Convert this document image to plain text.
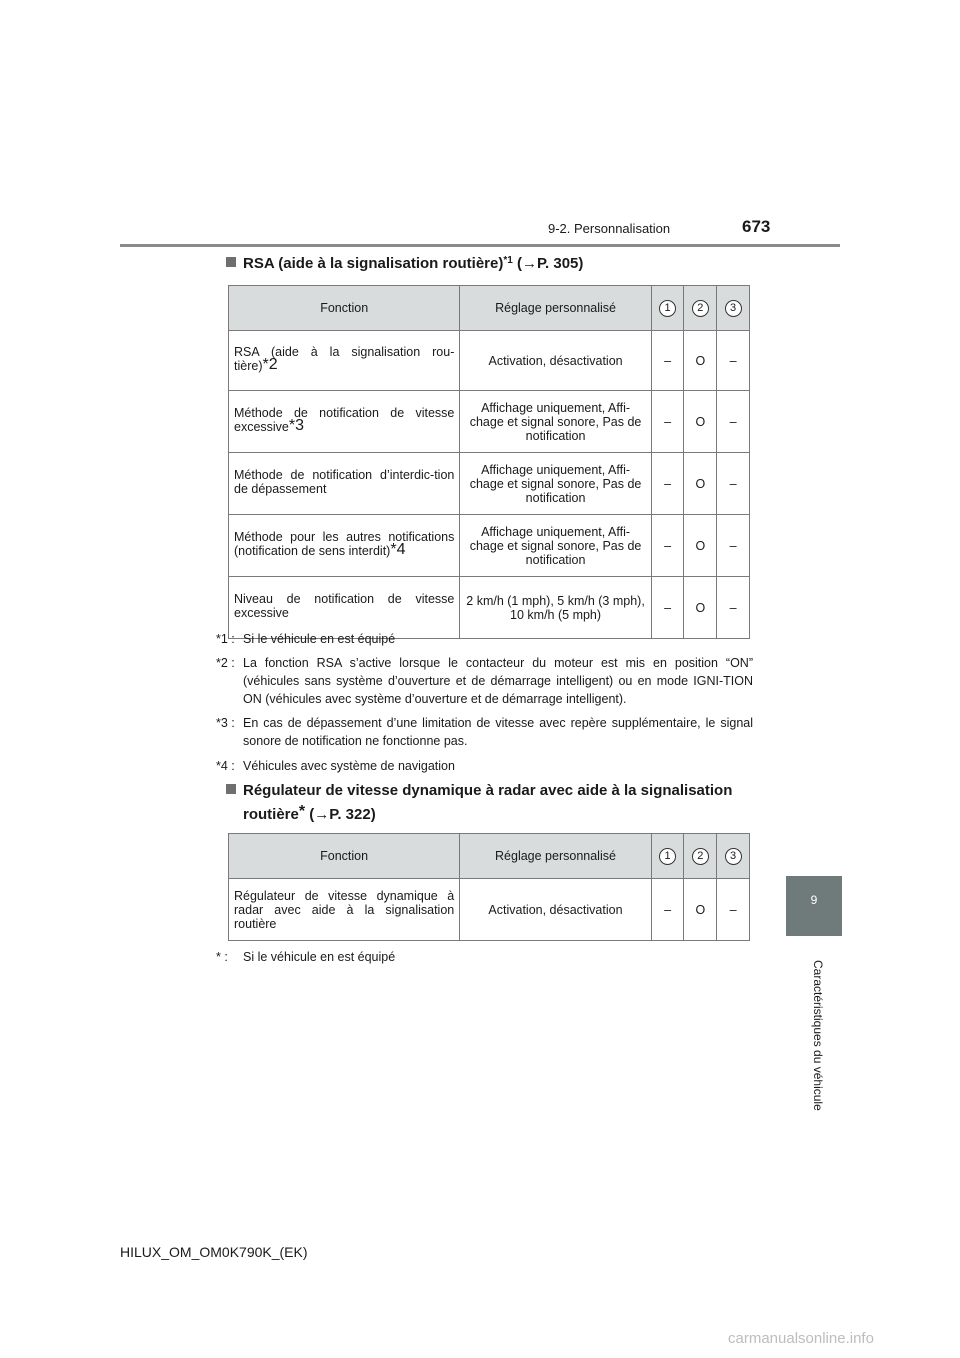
9-2. Personnalisation	673
9
Caractéristiques du véhicule
RSA (aide à la signalisation routière)$^{*1}$ (→P. 305)
Fonction	Réglage personnalisé	1	2	3
RSA (aide à la signalisation rou-tière)*2	Activation, désactivation	–	O	–
Méthode de notification de vitesse excessive*3	Affichage uniquement, Affi-chage et signal sonore, Pas de notification	–	O	–
Méthode de notification d’interdic-tion de dépassement	Affichage uniquement, Affi-chage et signal sonore, Pas de notification	–	O	–
Méthode pour les autres notifications (notification de sens interdit)*4	Affichage uniquement, Affi-chage et signal sonore, Pas de notification	–	O	–
Niveau de notification de vitesse excessive	2 km/h (1 mph), 5 km/h (3 mph), 10 km/h (5 mph)	–	O	–
*1 : Si le véhicule en est équipé
*2 : La fonction RSA s’active lorsque le contacteur du moteur est mis en position “ON” (véhicules sans système d’ouverture et de démarrage intelligent) ou en mode IGNI-TION ON (véhicules avec système d’ouverture et de démarrage intelligent).
*3 : En cas de dépassement d’une limitation de vitesse avec repère supplémentaire, le signal sonore de notification ne fonctionne pas.
*4 : Véhicules avec système de navigation
Régulateur de vitesse dynamique à radar avec aide à la signalisation
routière* (→P. 322)
Fonction	Réglage personnalisé	1	2	3
Régulateur de vitesse dynamique à radar avec aide à la signalisation routière	Activation, désactivation	–	O	–
* : Si le véhicule en est équipé
HILUX_OM_OM0K790K_(EK)
carmanualsonline.info
